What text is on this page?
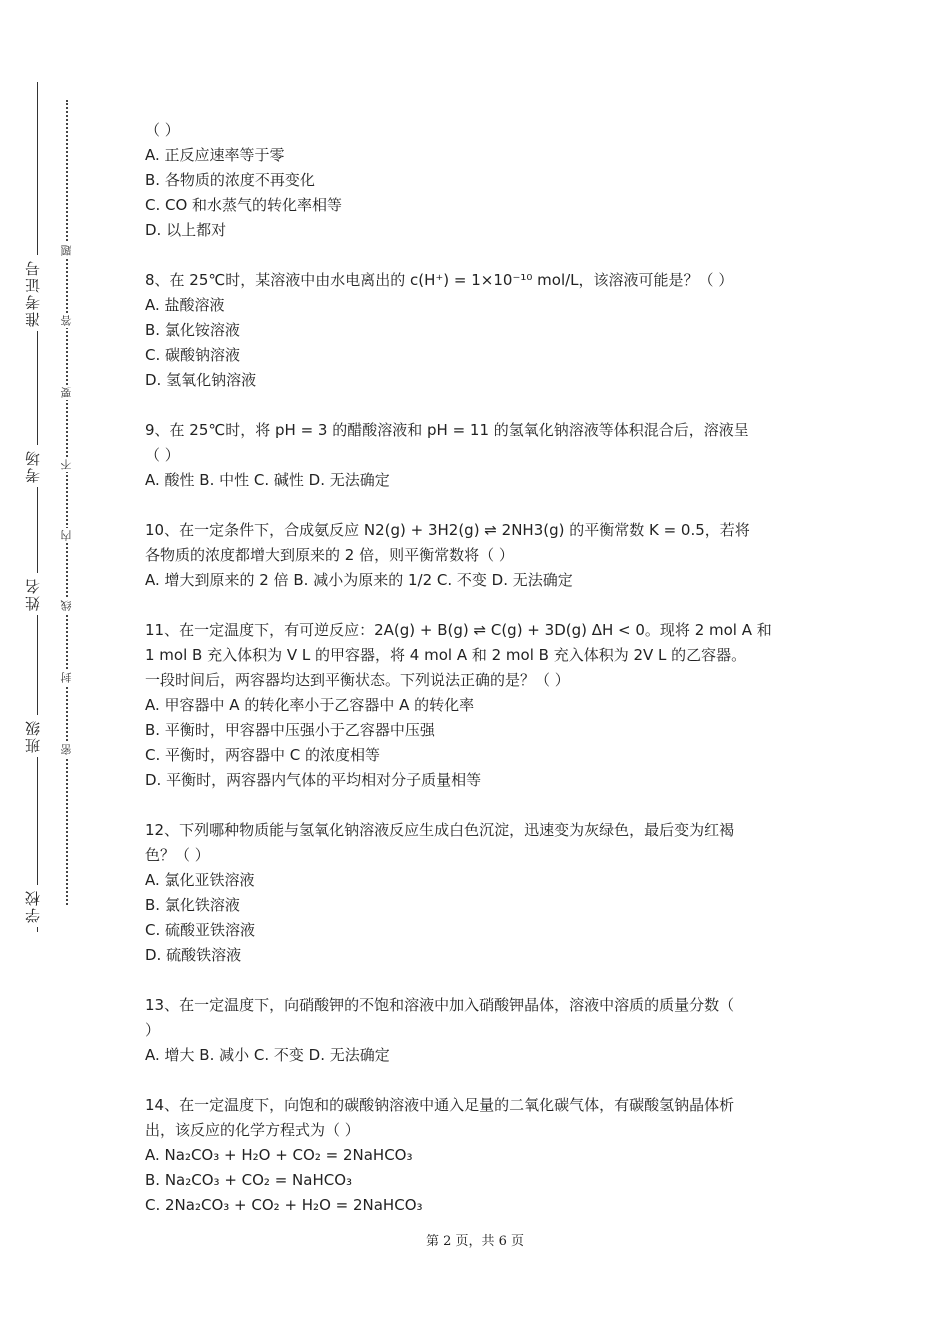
准考证号
考场
姓名
班级
学校
题
答
要
不
内
线
封
密
（ ）
A. 正反应速率等于零
B. 各物质的浓度不再变化
C. CO 和水蒸气的转化率相等
D. 以上都对
8、在 25℃时，某溶液中由水电离出的 c(H⁺) = 1×10⁻¹⁰ mol/L，该溶液可能是？（ ）
A. 盐酸溶液
B. 氯化铵溶液
C. 碳酸钠溶液
D. 氢氧化钠溶液
9、在 25℃时，将 pH = 3 的醋酸溶液和 pH = 11 的氢氧化钠溶液等体积混合后，溶液呈
（ ）
A. 酸性 B. 中性 C. 碱性 D. 无法确定
10、在一定条件下，合成氨反应 N2(g) + 3H2(g) ⇌ 2NH3(g) 的平衡常数 K = 0.5，若将
各物质的浓度都增大到原来的 2 倍，则平衡常数将（ ）
A. 增大到原来的 2 倍 B. 减小为原来的 1/2 C. 不变 D. 无法确定
11、在一定温度下，有可逆反应：2A(g) + B(g) ⇌ C(g) + 3D(g) ΔH < 0。现将 2 mol A 和
1 mol B 充入体积为 V L 的甲容器，将 4 mol A 和 2 mol B 充入体积为 2V L 的乙容器。
一段时间后，两容器均达到平衡状态。下列说法正确的是？（ ）
A. 甲容器中 A 的转化率小于乙容器中 A 的转化率
B. 平衡时，甲容器中压强小于乙容器中压强
C. 平衡时，两容器中 C 的浓度相等
D. 平衡时，两容器内气体的平均相对分子质量相等
12、下列哪种物质能与氢氧化钠溶液反应生成白色沉淀，迅速变为灰绿色，最后变为红褐
色？（ ）
A. 氯化亚铁溶液
B. 氯化铁溶液
C. 硫酸亚铁溶液
D. 硫酸铁溶液
13、在一定温度下，向硝酸钾的不饱和溶液中加入硝酸钾晶体，溶液中溶质的质量分数（
）
A. 增大 B. 减小 C. 不变 D. 无法确定
14、在一定温度下，向饱和的碳酸钠溶液中通入足量的二氧化碳气体，有碳酸氢钠晶体析
出，该反应的化学方程式为（ ）
A. Na₂CO₃ + H₂O + CO₂ = 2NaHCO₃
B. Na₂CO₃ + CO₂ = NaHCO₃
C. 2Na₂CO₃ + CO₂ + H₂O = 2NaHCO₃
第 2 页，共 6 页
